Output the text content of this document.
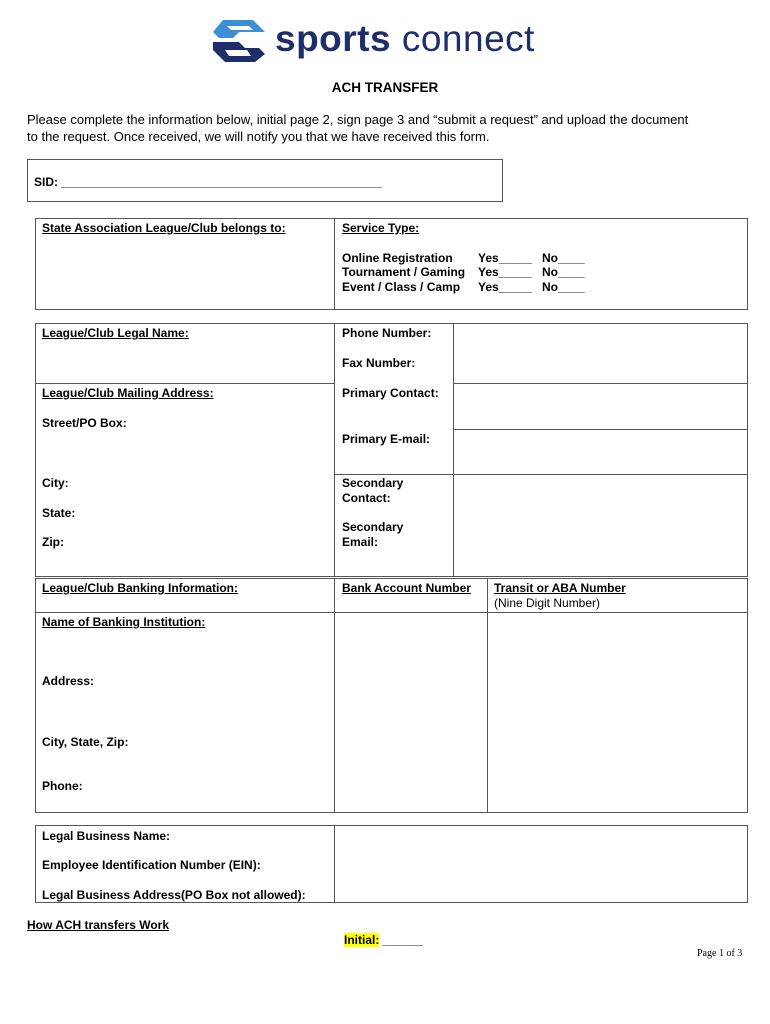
sports connect
ACH TRANSFER
Please complete the information below, initial page 2, sign page 3 and “submit a request” and upload the document
to the request. Once received, we will notify you that we have received this form.
SID: ________________________________________________
State Association League/Club belongs to:	Service Type:
Online Registration Yes_____ No____
Tournament / Gaming Yes_____ No____
Event / Class / Camp Yes_____ No____
League/Club Legal Name:
League/Club Mailing Address:
Street/PO Box:
City:
State:
Zip:
Phone Number:
Fax Number:
Primary Contact:
Primary E-mail:
Secondary
Contact:
Secondary
Email:
League/Club Banking Information:
Name of Banking Institution:
Address:
City, State, Zip:
Phone:
Bank Account Number Transit or ABA Number
(Nine Digit Number)
Legal Business Name:
Employee Identification Number (EIN):
Legal Business Address(PO Box not allowed):
How ACH transfers Work
Initial: ______
Page 1 of 3
